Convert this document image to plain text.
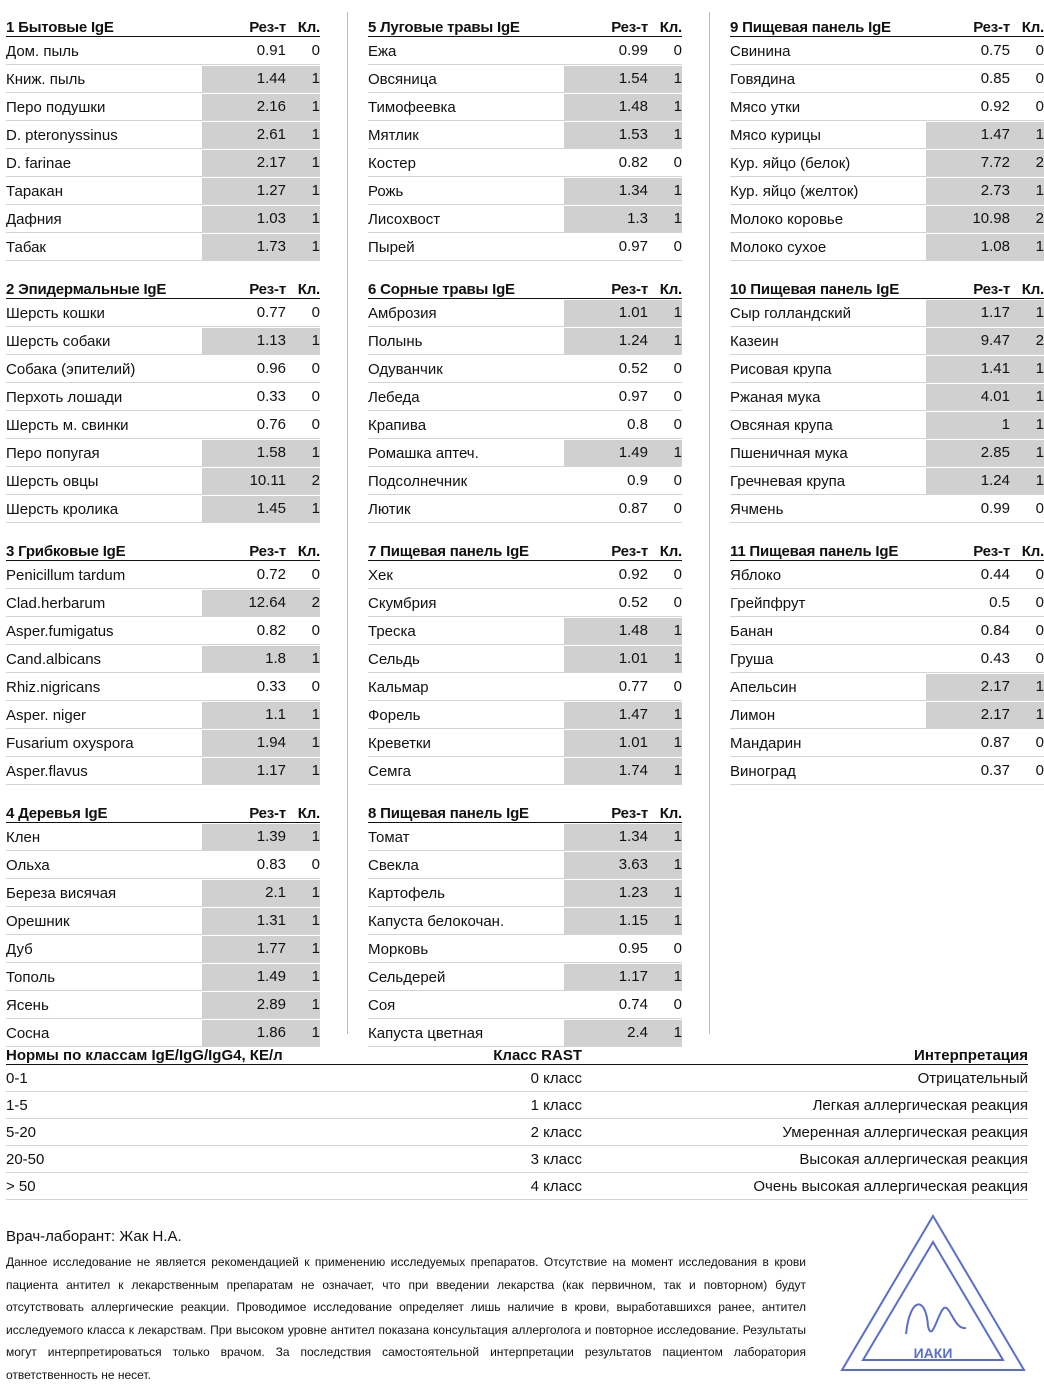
1 Бытовые IgE	Рез-т Кл.
Дом. пыль	0.91	0
Книж. пыль	1.44	1
Перо подушки	2.16	1
D. pteronyssinus	2.61	1
D. farinae	2.17	1
Таракан	1.27	1
Дафния	1.03	1
Табак	1.73	1
2 Эпидермальные IgE	Рез-т Кл.
Шерсть кошки	0.77	0
Шерсть собаки	1.13	1
Собака (эпителий)	0.96	0
Перхоть лошади	0.33	0
Шерсть м. свинки	0.76	0
Перо попугая	1.58	1
Шерсть овцы	10.11	2
Шерсть кролика	1.45	1
3 Грибковые IgE	Рез-т Кл.
Penicillum tardum	0.72	0
Clad.herbarum	12.64	2
Asper.fumigatus	0.82	0
Cand.albicans	1.8	1
Rhiz.nigricans	0.33	0
Asper. niger	1.1	1
Fusarium oxyspora	1.94	1
Asper.flavus	1.17	1
4 Деревья IgE	Рез-т Кл.
Клен	1.39	1
Ольха	0.83	0
Береза висячая	2.1	1
Орешник	1.31	1
Дуб	1.77	1
Тополь	1.49	1
Ясень	2.89	1
Сосна	1.86	1
5 Луговые травы IgE	Рез-т Кл.
Ежа	0.99	0
Овсяница	1.54	1
Тимофеевка	1.48	1
Мятлик	1.53	1
Костер	0.82	0
Рожь	1.34	1
Лисохвост	1.3	1
Пырей	0.97	0
6 Сорные травы IgE	Рез-т Кл.
Амброзия	1.01	1
Полынь	1.24	1
Одуванчик	0.52	0
Лебеда	0.97	0
Крапива	0.8	0
Ромашка аптеч.	1.49	1
Подсолнечник	0.9	0
Лютик	0.87	0
7 Пищевая панель IgE	Рез-т Кл.
Хек	0.92	0
Скумбрия	0.52	0
Треска	1.48	1
Сельдь	1.01	1
Кальмар	0.77	0
Форель	1.47	1
Креветки	1.01	1
Семга	1.74	1
8 Пищевая панель IgE	Рез-т Кл.
Томат	1.34	1
Свекла	3.63	1
Картофель	1.23	1
Капуста белокочан.	1.15	1
Морковь	0.95	0
Сельдерей	1.17	1
Соя	0.74	0
Капуста цветная	2.4	1
9 Пищевая панель IgE	Рез-т Кл.
Свинина	0.75	0
Говядина	0.85	0
Мясо утки	0.92	0
Мясо курицы	1.47	1
Кур. яйцо (белок)	7.72	2
Кур. яйцо (желток)	2.73	1
Молоко коровье	10.98	2
Молоко сухое	1.08	1
10 Пищевая панель IgE	Рез-т Кл.
Сыр голландский	1.17	1
Казеин	9.47	2
Рисовая крупа	1.41	1
Ржаная мука	4.01	1
Овсяная крупа	1	1
Пшеничная мука	2.85	1
Гречневая крупа	1.24	1
Ячмень	0.99	0
11 Пищевая панель IgE	Рез-т Кл.
Яблоко	0.44	0
Грейпфрут	0.5	0
Банан	0.84	0
Груша	0.43	0
Апельсин	2.17	1
Лимон	2.17	1
Мандарин	0.87	0
Виноград	0.37	0
Нормы по классам IgE/IgG/IgG4, КЕ/л	Класс RAST	Интерпретация
0-1	0 класс	Отрицательный
1-5	1 класс	Легкая аллергическая реакция
5-20	2 класс	Умеренная аллергическая реакция
20-50	3 класс	Высокая аллергическая реакция
> 50	4 класс	Очень высокая аллергическая реакция
Врач-лаборант: Жак Н.А.
Данное исследование не является рекомендацией к применению исследуемых препаратов. Отсутствие на момент исследования в крови пациента антител к лекарственным препаратам не означает, что при введении лекарства (как первичном, так и повторном) будут отсутствовать аллергические реакции. Проводимое исследование определяет лишь наличие в крови, выработавшихся ранее, антител исследуемого класса к лекарствам. При высоком уровне антител показана консультация аллерголога и повторное исследование. Результаты могут интерпретироваться только врачом. За последствия самостоятельной интерпретации результатов пациентом лаборатория ответственность не несет.
ИАКИ
